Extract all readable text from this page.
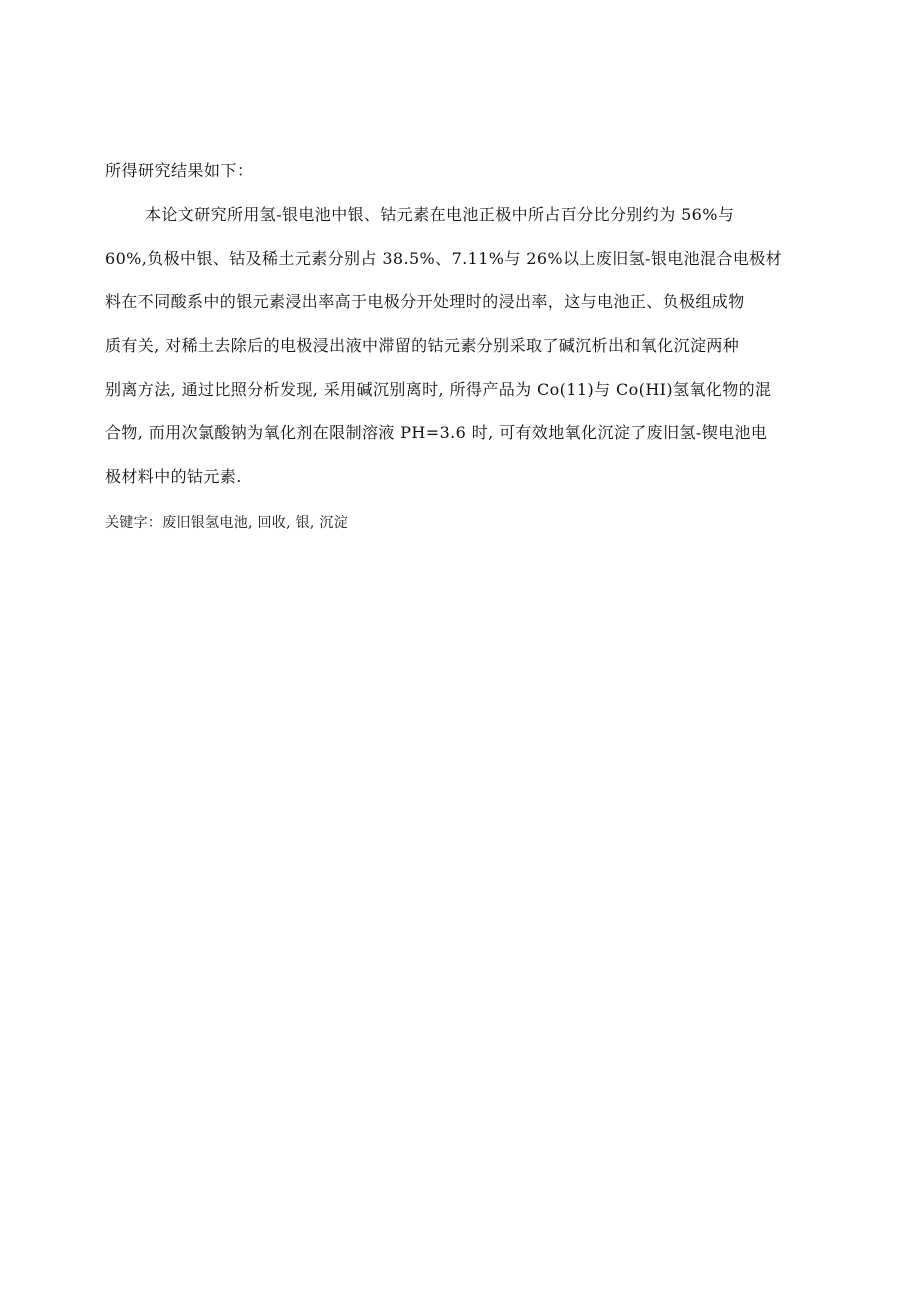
所得研究结果如下：

本论文研究所用氢-银电池中银、钴元素在电池正极中所占百分比分别约为 56%与

60%,负极中银、钴及稀土元素分别占 38.5%、7.11%与 26%以上废旧氢-银电池混合电极材

料在不同酸系中的银元素浸出率高于电极分开处理时的浸出率，这与电池正、负极组成物

质有关, 对稀土去除后的电极浸出液中滞留的钴元素分别采取了碱沉析出和氧化沉淀两种

别离方法, 通过比照分析发现, 采用碱沉别离时, 所得产品为 Co(11)与 Co(HI)氢氧化物的混

合物, 而用次氯酸钠为氧化剂在限制溶液 PH=3.6 时, 可有效地氧化沉淀了废旧氢-锲电池电

极材料中的钴元素.

关键字：废旧银氢电池, 回收, 银, 沉淀
